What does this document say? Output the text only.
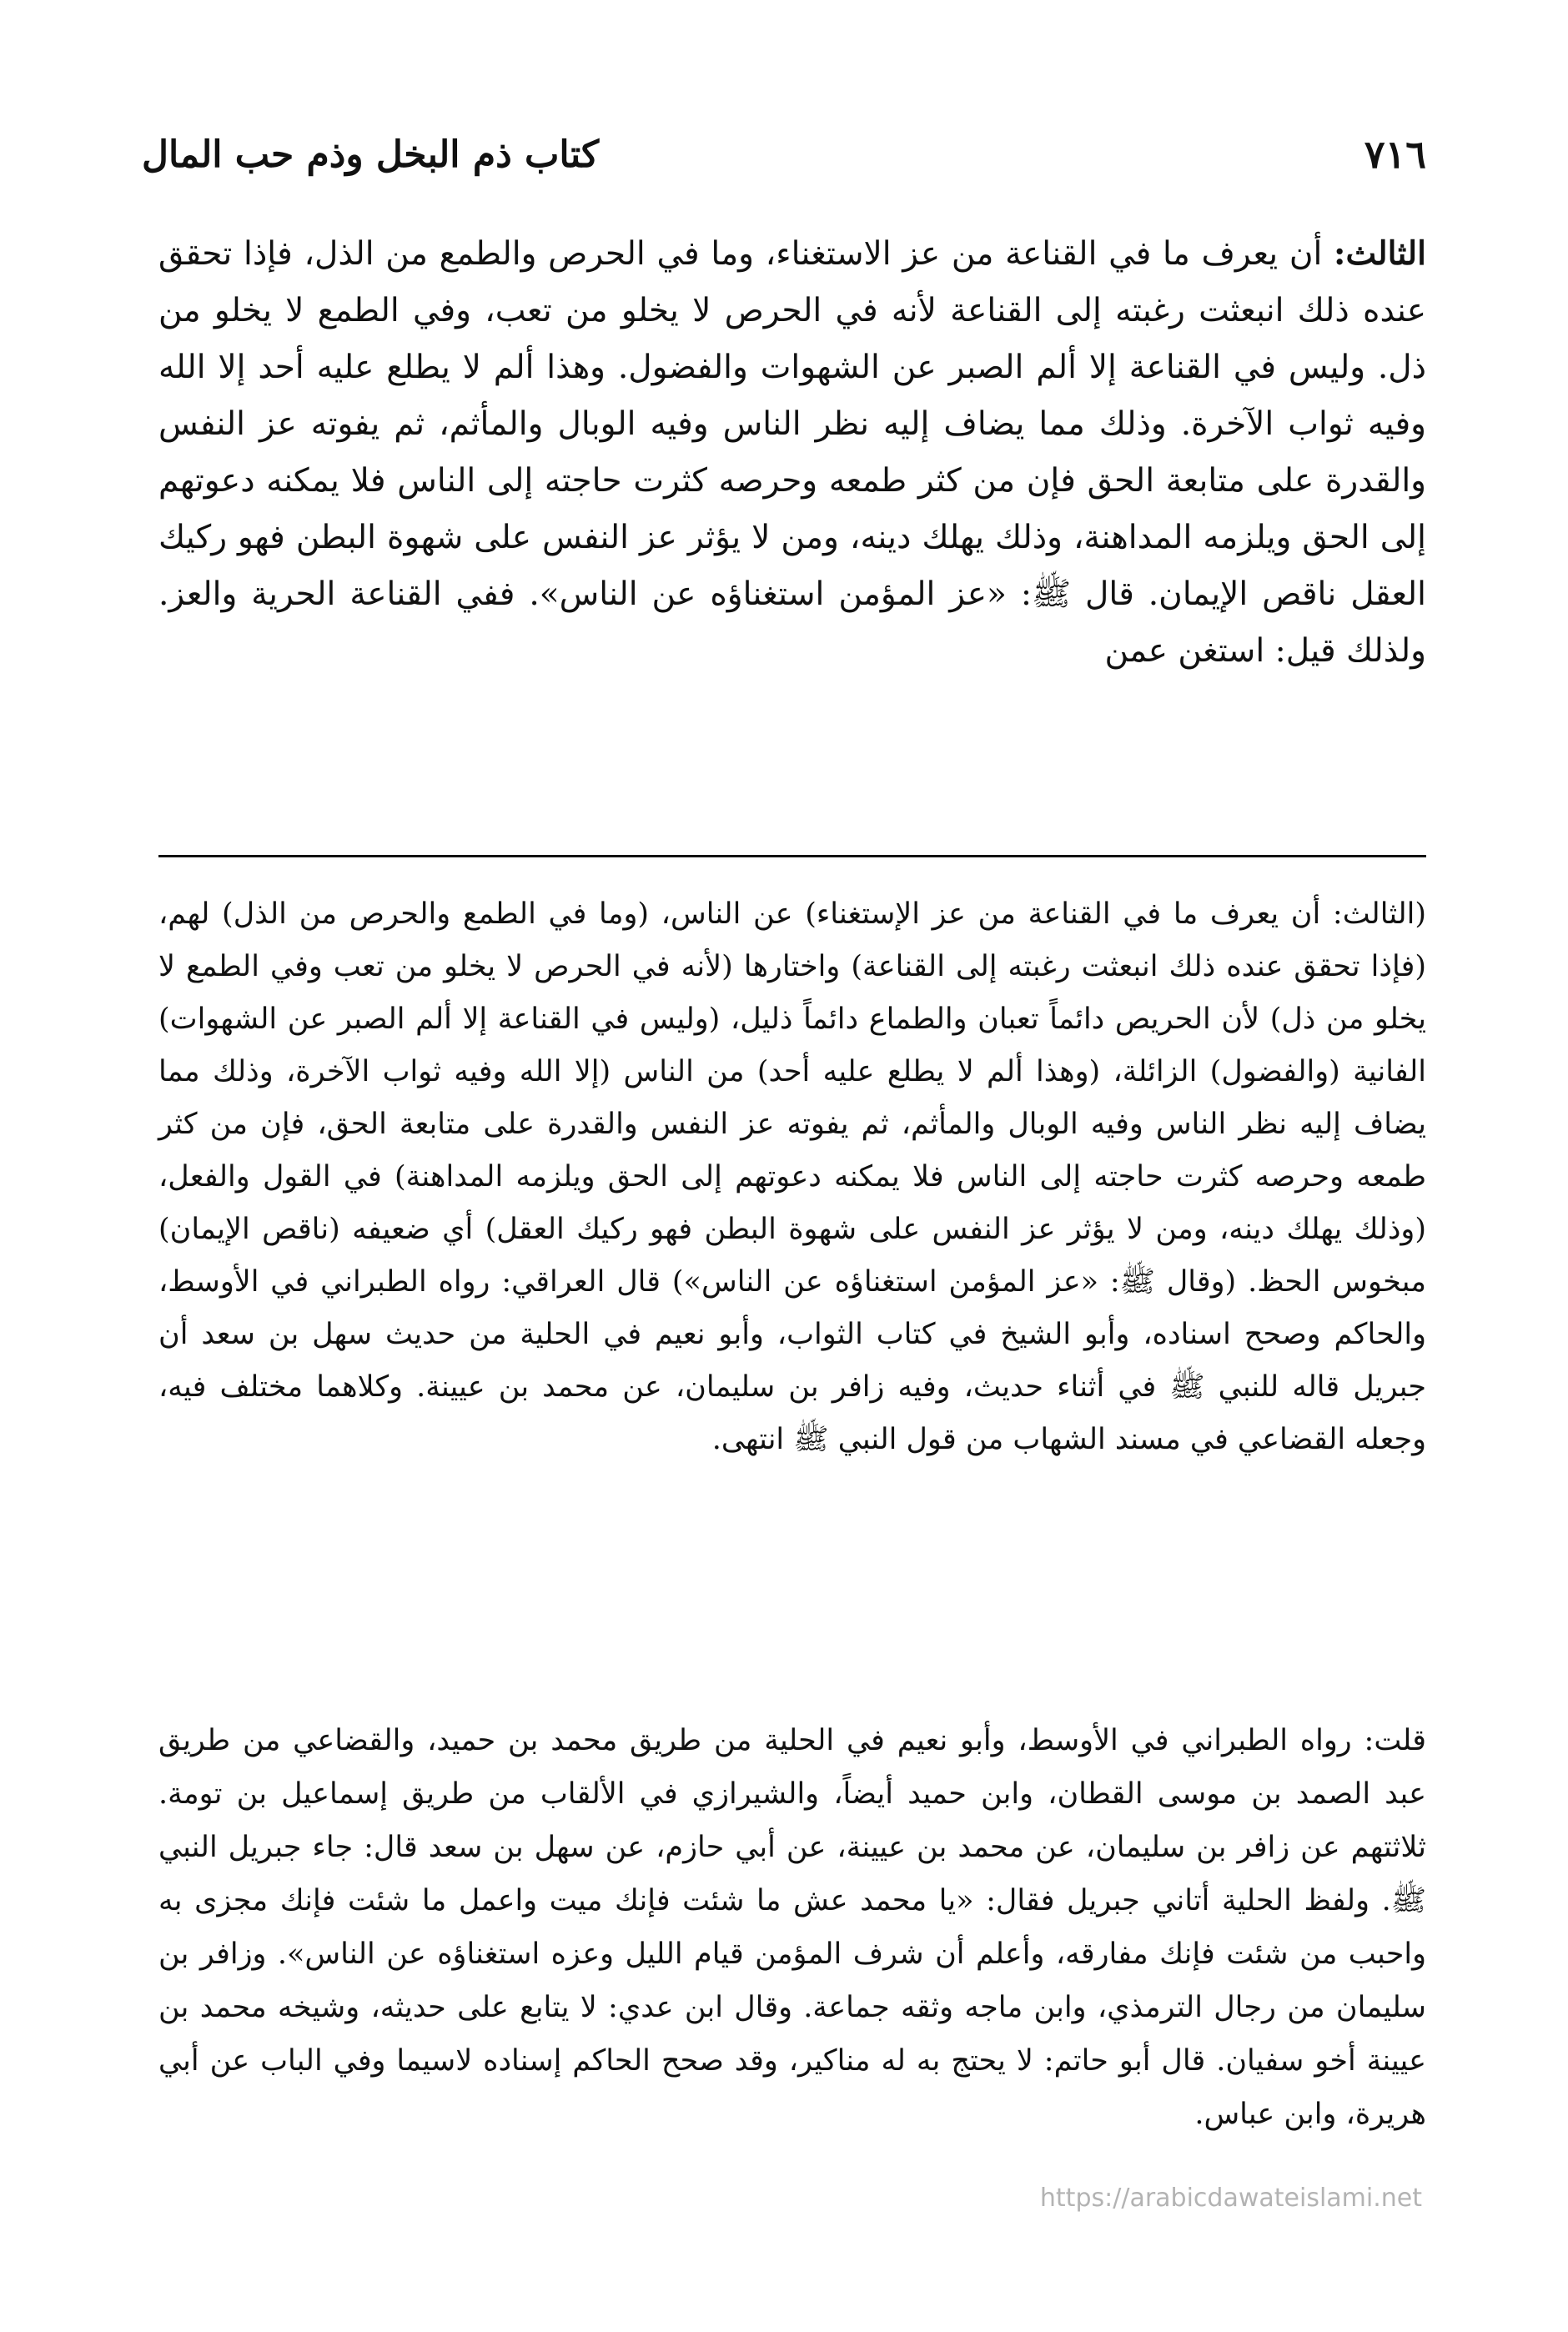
كتاب ذم البخل وذم حب المال	٧١٦
الثالث: أن يعرف ما في القناعة من عز الاستغناء، وما في الحرص والطمع من الذل، فإذا تحقق عنده ذلك انبعثت رغبته إلى القناعة لأنه في الحرص لا يخلو من تعب، وفي الطمع لا يخلو من ذل. وليس في القناعة إلا ألم الصبر عن الشهوات والفضول. وهذا ألم لا يطلع عليه أحد إلا الله وفيه ثواب الآخرة. وذلك مما يضاف إليه نظر الناس وفيه الوبال والمأثم، ثم يفوته عز النفس والقدرة على متابعة الحق فإن من كثر طمعه وحرصه كثرت حاجته إلى الناس فلا يمكنه دعوتهم إلى الحق ويلزمه المداهنة، وذلك يهلك دينه، ومن لا يؤثر عز النفس على شهوة البطن فهو ركيك العقل ناقص الإيمان. قال ﷺ: «عز المؤمن استغناؤه عن الناس». ففي القناعة الحرية والعز. ولذلك قيل: استغن عمن
(الثالث: أن يعرف ما في القناعة من عز الإستغناء) عن الناس، (وما في الطمع والحرص من الذل) لهم، (فإذا تحقق عنده ذلك انبعثت رغبته إلى القناعة) واختارها (لأنه في الحرص لا يخلو من تعب وفي الطمع لا يخلو من ذل) لأن الحريص دائماً تعبان والطماع دائماً ذليل، (وليس في القناعة إلا ألم الصبر عن الشهوات) الفانية (والفضول) الزائلة، (وهذا ألم لا يطلع عليه أحد) من الناس (إلا الله وفيه ثواب الآخرة، وذلك مما يضاف إليه نظر الناس وفيه الوبال والمأثم، ثم يفوته عز النفس والقدرة على متابعة الحق، فإن من كثر طمعه وحرصه كثرت حاجته إلى الناس فلا يمكنه دعوتهم إلى الحق ويلزمه المداهنة) في القول والفعل، (وذلك يهلك دينه، ومن لا يؤثر عز النفس على شهوة البطن فهو ركيك العقل) أي ضعيفه (ناقص الإيمان) مبخوس الحظ. (وقال ﷺ: «عز المؤمن استغناؤه عن الناس») قال العراقي: رواه الطبراني في الأوسط، والحاكم وصحح اسناده، وأبو الشيخ في كتاب الثواب، وأبو نعيم في الحلية من حديث سهل بن سعد أن جبريل قاله للنبي ﷺ في أثناء حديث، وفيه زافر بن سليمان، عن محمد بن عيينة. وكلاهما مختلف فيه، وجعله القضاعي في مسند الشهاب من قول النبي ﷺ انتهى.
قلت: رواه الطبراني في الأوسط، وأبو نعيم في الحلية من طريق محمد بن حميد، والقضاعي من طريق عبد الصمد بن موسى القطان، وابن حميد أيضاً، والشيرازي في الألقاب من طريق إسماعيل بن تومة. ثلاثتهم عن زافر بن سليمان، عن محمد بن عيينة، عن أبي حازم، عن سهل بن سعد قال: جاء جبريل النبي ﷺ. ولفظ الحلية أتاني جبريل فقال: «يا محمد عش ما شئت فإنك ميت واعمل ما شئت فإنك مجزى به واحبب من شئت فإنك مفارقه، وأعلم أن شرف المؤمن قيام الليل وعزه استغناؤه عن الناس». وزافر بن سليمان من رجال الترمذي، وابن ماجه وثقه جماعة. وقال ابن عدي: لا يتابع على حديثه، وشيخه محمد بن عيينة أخو سفيان. قال أبو حاتم: لا يحتج به له مناكير، وقد صحح الحاكم إسناده لاسيما وفي الباب عن أبي هريرة، وابن عباس.
https://arabicdawateislami.net
